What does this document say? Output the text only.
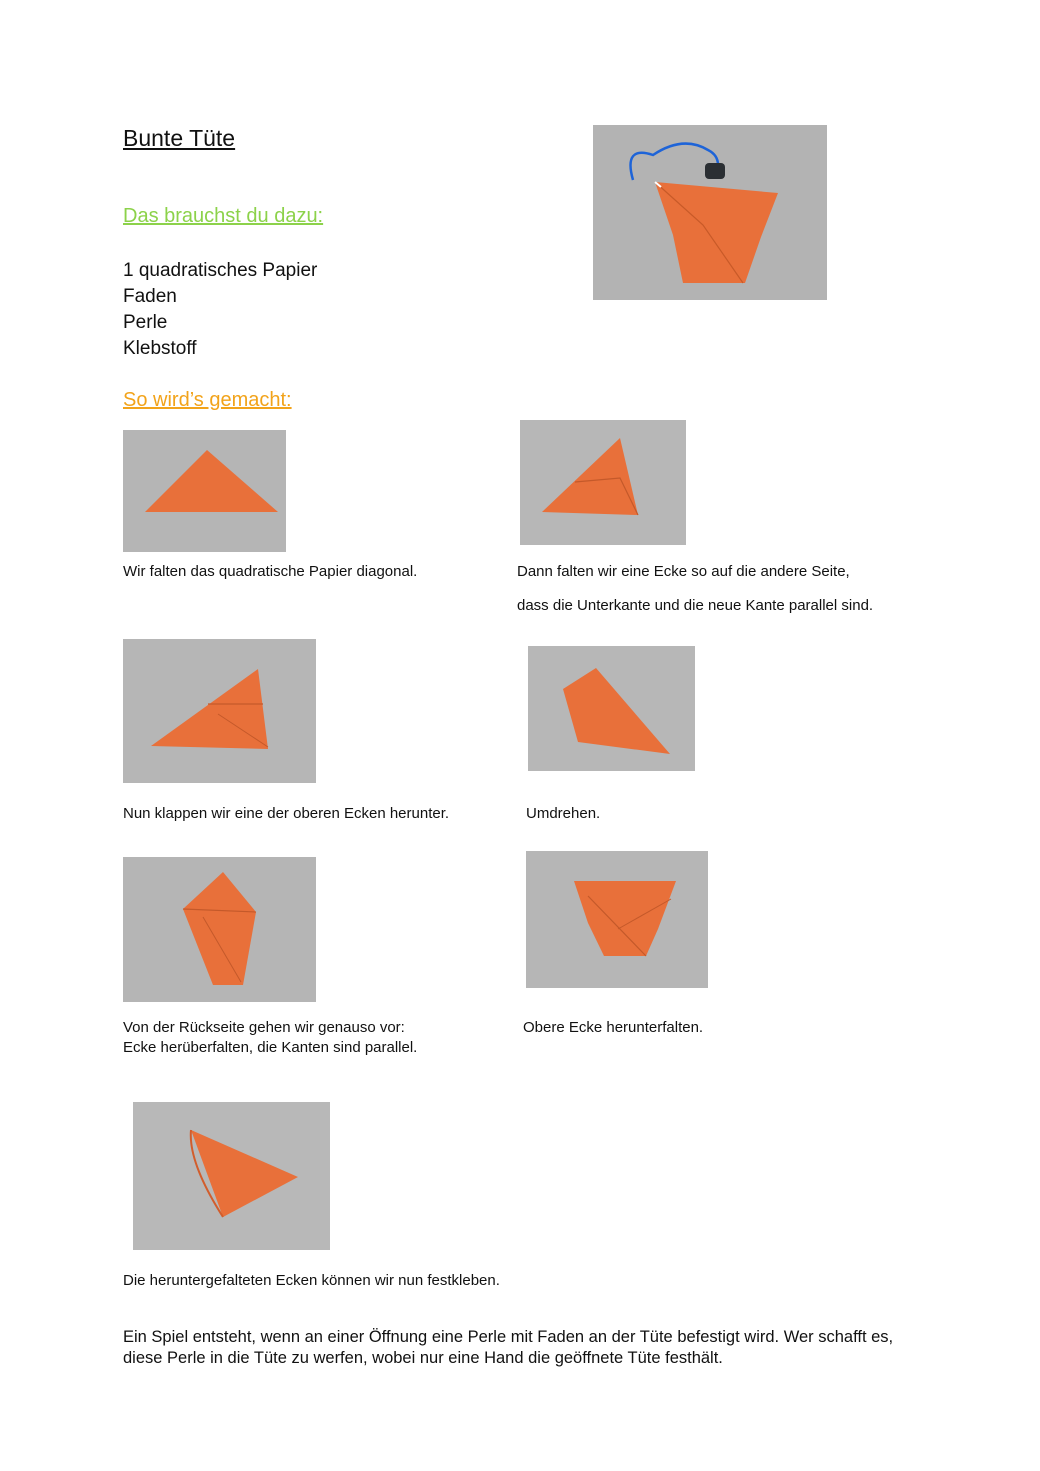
Bunte Tüte
Das brauchst du dazu:
1 quadratisches Papier
Faden
Perle
Klebstoff
So wird’s gemacht:
Wir falten das quadratische Papier diagonal.	Dann falten wir eine Ecke so auf die andere Seite,
dass die Unterkante und die neue Kante parallel sind.
Nun klappen wir eine der oberen Ecken herunter.	Umdrehen.
Von der Rückseite gehen wir genauso vor:
Ecke herüberfalten, die Kanten sind parallel.
Obere Ecke herunterfalten.
Die heruntergefalteten Ecken können wir nun festkleben.
Ein Spiel entsteht, wenn an einer Öffnung eine Perle mit Faden an der Tüte befestigt wird. Wer schafft es, diese Perle in die Tüte zu werfen, wobei nur eine Hand die geöffnete Tüte festhält.
